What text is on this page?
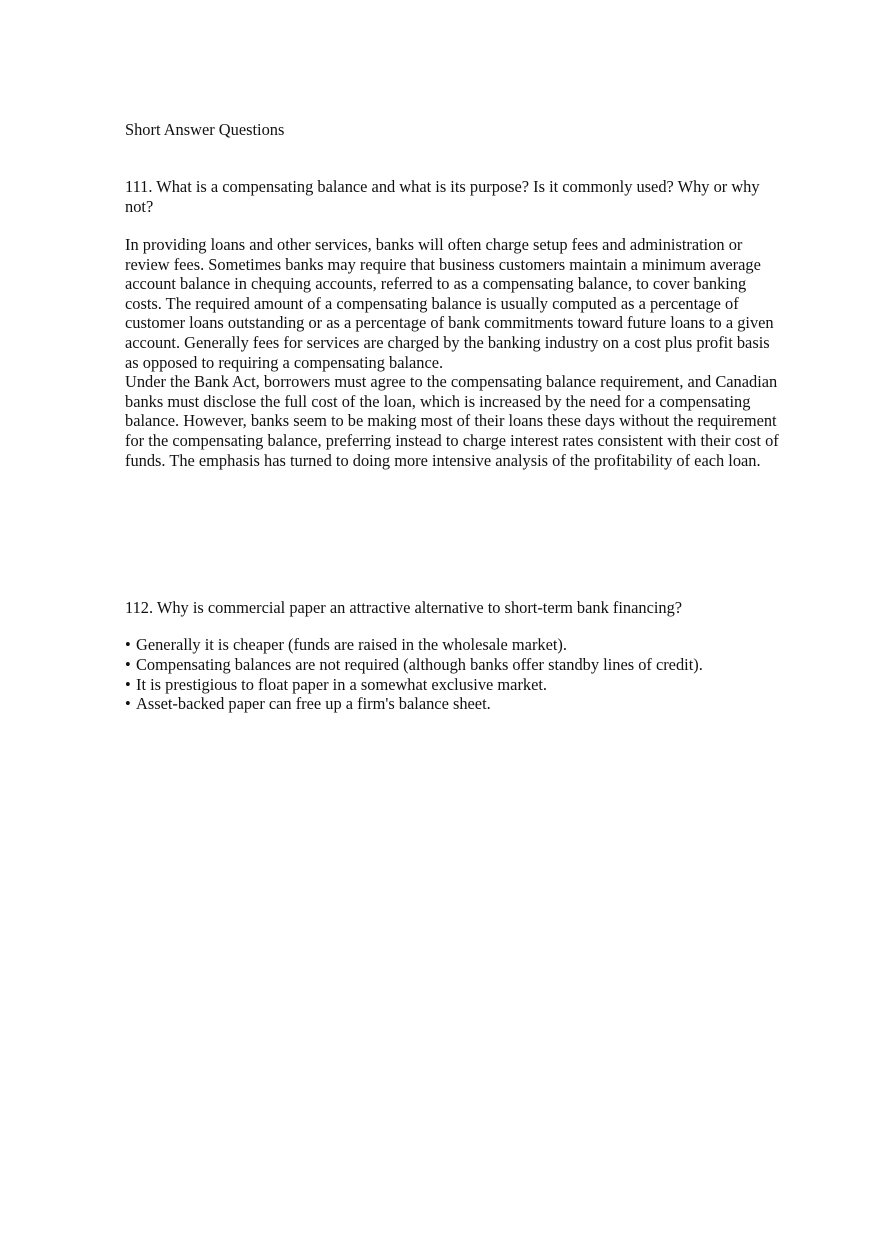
Short Answer Questions
111. What is a compensating balance and what is its purpose? Is it commonly used? Why or why not?
In providing loans and other services, banks will often charge setup fees and administration or review fees. Sometimes banks may require that business customers maintain a minimum average account balance in chequing accounts, referred to as a compensating balance, to cover banking costs. The required amount of a compensating balance is usually computed as a percentage of customer loans outstanding or as a percentage of bank commitments toward future loans to a given account. Generally fees for services are charged by the banking industry on a cost plus profit basis as opposed to requiring a compensating balance.
Under the Bank Act, borrowers must agree to the compensating balance requirement, and Canadian banks must disclose the full cost of the loan, which is increased by the need for a compensating balance. However, banks seem to be making most of their loans these days without the requirement for the compensating balance, preferring instead to charge interest rates consistent with their cost of funds. The emphasis has turned to doing more intensive analysis of the profitability of each loan.
112. Why is commercial paper an attractive alternative to short-term bank financing?
• Generally it is cheaper (funds are raised in the wholesale market).
• Compensating balances are not required (although banks offer standby lines of credit).
• It is prestigious to float paper in a somewhat exclusive market.
• Asset-backed paper can free up a firm's balance sheet.
